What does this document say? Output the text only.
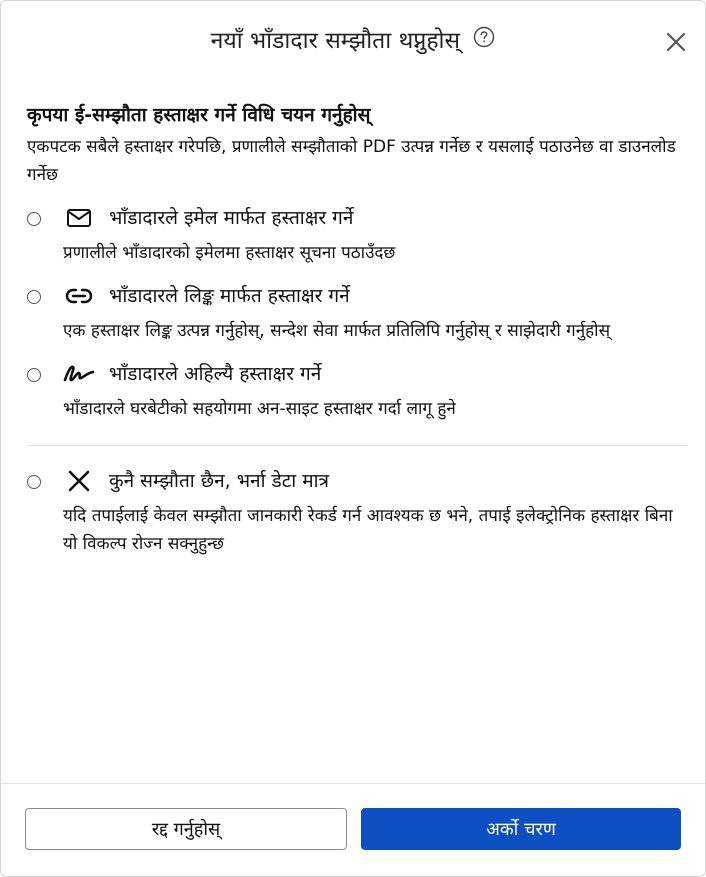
नयाँ भाँडादार सम्झौता थप्नुहोस्

कृपया ई-सम्झौता हस्ताक्षर गर्ने विधि चयन गर्नुहोस्

एकपटक सबैले हस्ताक्षर गरेपछि, प्रणालीले सम्झौताको PDF उत्पन्न गर्नेछ र यसलाई पठाउनेछ वा डाउनलोड गर्नेछ

भाँडादारले इमेल मार्फत हस्ताक्षर गर्ने
प्रणालीले भाँडादारको इमेलमा हस्ताक्षर सूचना पठाउँदछ
भाँडादारले लिङ्क मार्फत हस्ताक्षर गर्ने
एक हस्ताक्षर लिङ्क उत्पन्न गर्नुहोस्, सन्देश सेवा मार्फत प्रतिलिपि गर्नुहोस् र साझेदारी गर्नुहोस्
भाँडादारले अहिल्यै हस्ताक्षर गर्ने
भाँडादारले घरबेटीको सहयोगमा अन-साइट हस्ताक्षर गर्दा लागू हुने
कुनै सम्झौता छैन, भर्ना डेटा मात्र
यदि तपाईलाई केवल सम्झौता जानकारी रेकर्ड गर्न आवश्यक छ भने, तपाई इलेक्ट्रोनिक हस्ताक्षर बिना यो विकल्प रोज्न सक्नुहुन्छ
रद्द गर्नुहोस्	अर्को चरण
